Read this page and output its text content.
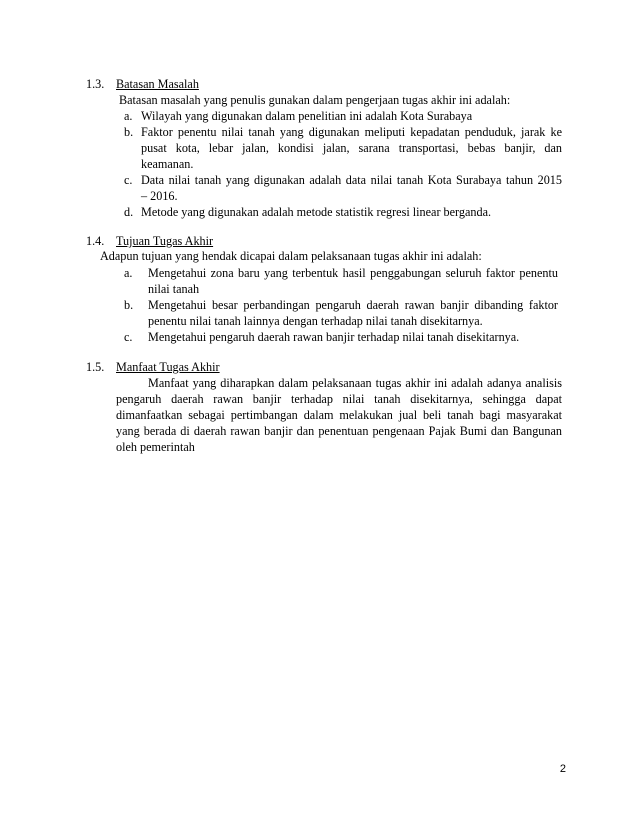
1.3. Batasan Masalah
Batasan masalah yang penulis gunakan dalam pengerjaan tugas akhir ini adalah:
a. Wilayah yang digunakan dalam penelitian ini adalah Kota Surabaya
b. Faktor penentu nilai tanah yang digunakan meliputi kepadatan penduduk, jarak ke
pusat kota, lebar jalan, kondisi jalan, sarana transportasi, bebas banjir, dan
keamanan.
c. Data nilai tanah yang digunakan adalah data nilai tanah Kota Surabaya tahun 2015
– 2016.
d. Metode yang digunakan adalah metode statistik regresi linear berganda.
1.4. Tujuan Tugas Akhir
Adapun tujuan yang hendak dicapai dalam pelaksanaan tugas akhir ini adalah:
a. Mengetahui zona baru yang terbentuk hasil penggabungan seluruh faktor penentu
nilai tanah
b. Mengetahui besar perbandingan pengaruh daerah rawan banjir dibanding faktor
penentu nilai tanah lainnya dengan terhadap nilai tanah disekitarnya.
c. Mengetahui pengaruh daerah rawan banjir terhadap nilai tanah disekitarnya.
1.5. Manfaat Tugas Akhir
Manfaat yang diharapkan dalam pelaksanaan tugas akhir ini adalah adanya analisis
pengaruh daerah rawan banjir terhadap nilai tanah disekitarnya, sehingga dapat
dimanfaatkan sebagai pertimbangan dalam melakukan jual beli tanah bagi masyarakat
yang berada di daerah rawan banjir dan penentuan pengenaan Pajak Bumi dan Bangunan
oleh pemerintah
2
